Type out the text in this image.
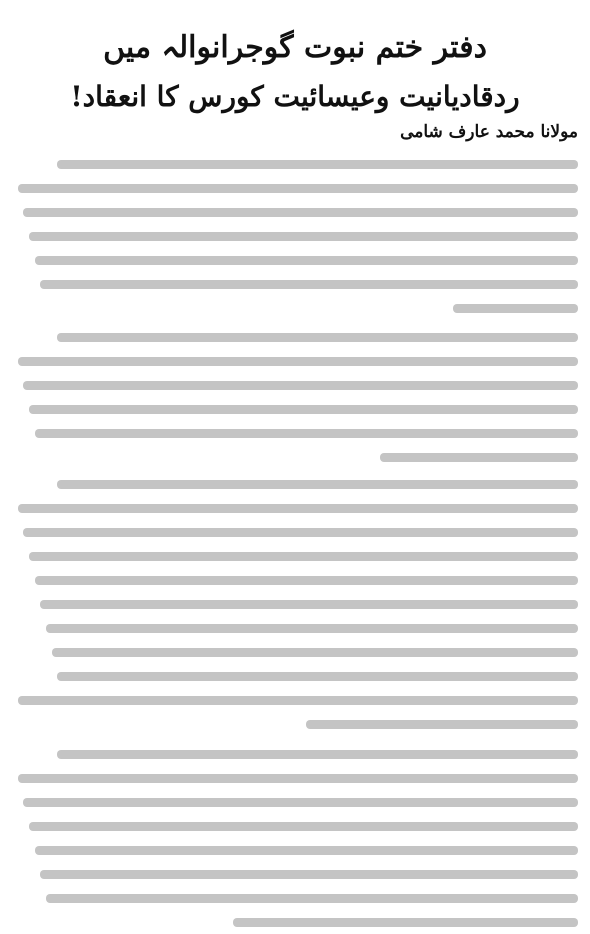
دفتر ختم نبوت گوجرانوالہ میں
ردقادیانیت وعیسائیت کورس کا انعقاد!
مولانا محمد عارف شامی
